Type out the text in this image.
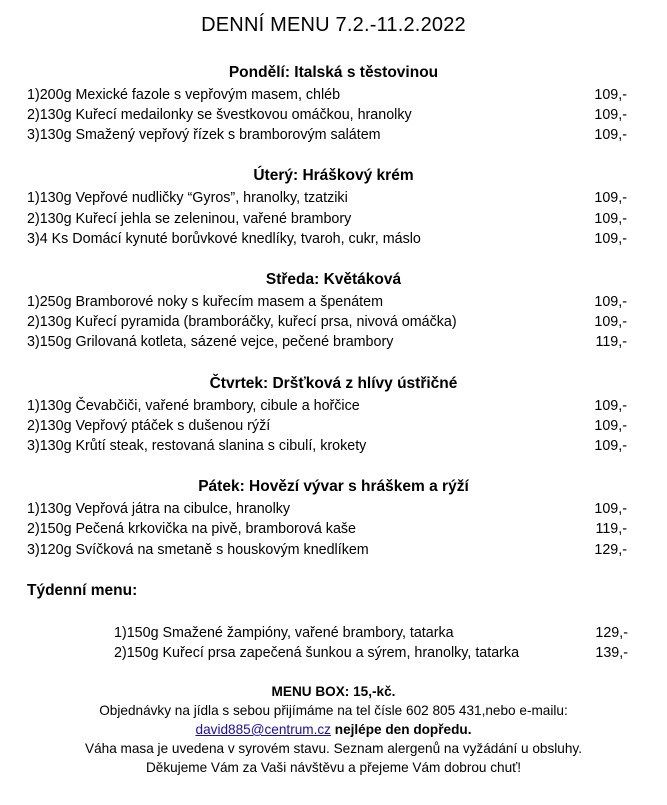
DENNÍ MENU 7.2.-11.2.2022
Pondělí: Italská s těstovinou
1)200g Mexické fazole s vepřovým masem, chléb	109,-
2)130g Kuřecí medailonky se švestkovou omáčkou, hranolky	109,-
3)130g Smažený vepřový řízek s bramborovým salátem	109,-
Úterý: Hráškový krém
1)130g Vepřové nudličky “Gyros”, hranolky, tzatziki	109,-
2)130g Kuřecí jehla se zeleninou, vařené brambory	109,-
3)4 Ks Domácí kynuté borůvkové knedlíky, tvaroh, cukr, máslo	109,-
Středa: Květáková
1)250g Bramborové noky s kuřecím masem a špenátem	109,-
2)130g Kuřecí pyramida (bramboráčky, kuřecí prsa, nivová omáčka)	109,-
3)150g Grilovaná kotleta, sázené vejce, pečené brambory	119,-
Čtvrtek: Dršťková z hlívy ústřičné
1)130g Čevabčiči, vařené brambory, cibule a hořčice	109,-
2)130g Vepřový ptáček s dušenou rýží	109,-
3)130g Krůtí steak, restovaná slanina s cibulí, krokety	109,-
Pátek: Hovězí vývar s hráškem a rýží
1)130g Vepřová játra na cibulce, hranolky	109,-
2)150g Pečená krkovička na pivě, bramborová kaše	119,-
3)120g Svíčková na smetaně s houskovým knedlíkem	129,-
Týdenní menu:
1)150g Smažené žampióny, vařené brambory, tatarka	129,-
2)150g Kuřecí prsa zapečená šunkou a sýrem, hranolky, tatarka	139,-
MENU BOX: 15,-kč.
Objednávky na jídla s sebou přijímáme na tel čísle 602 805 431,nebo e-mailu:
david885@centrum.cz nejlépe den dopředu.
Váha masa je uvedena v syrovém stavu. Seznam alergenů na vyžádání u obsluhy.
Děkujeme Vám za Vaši návštěvu a přejeme Vám dobrou chuť!
